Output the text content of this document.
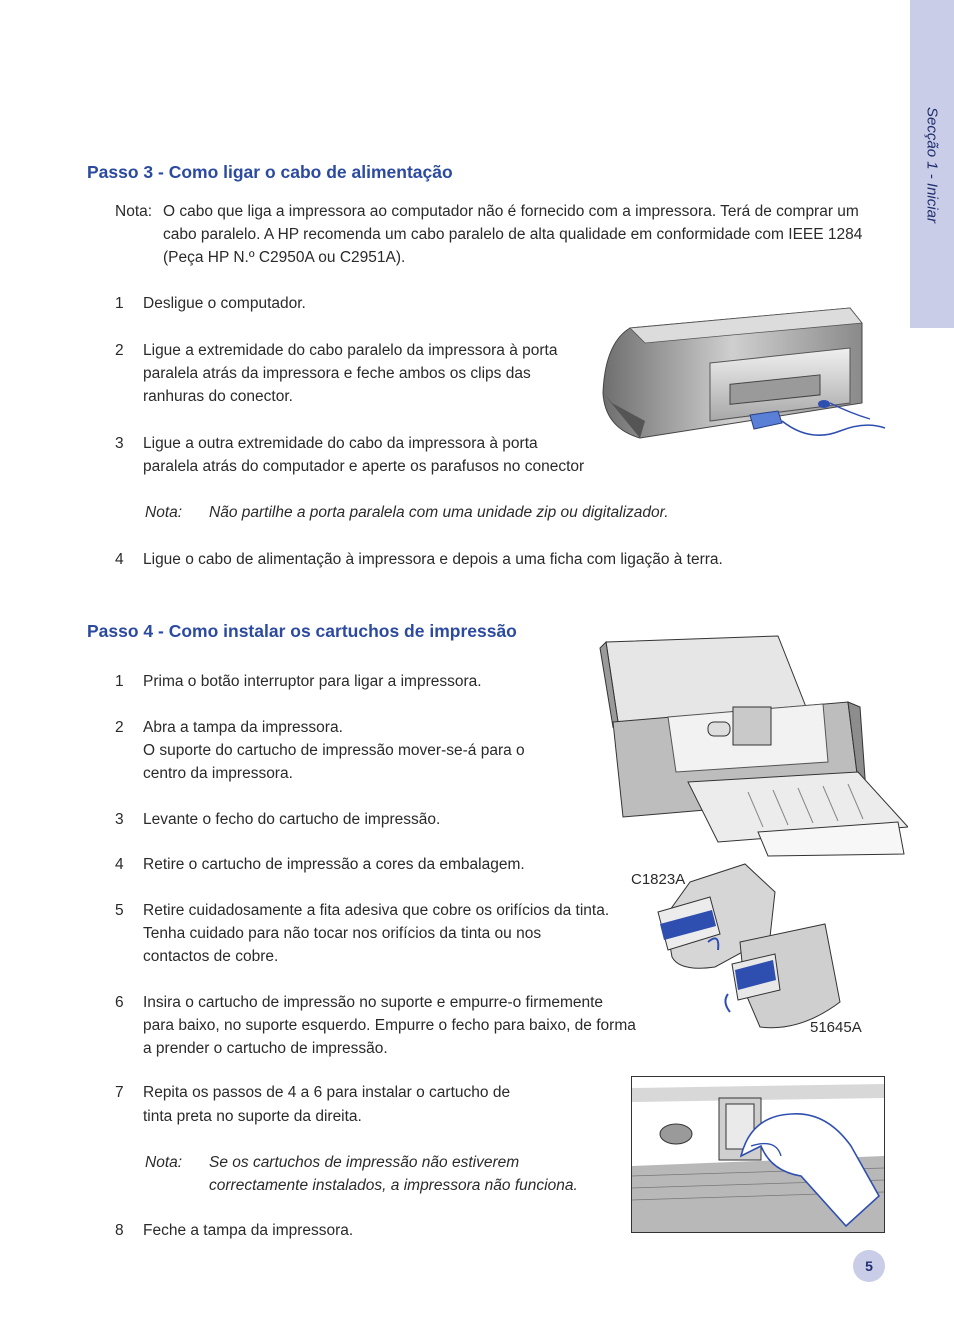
Secção 1 - Iniciar
Passo 3 - Como ligar o cabo de alimentação
Nota: O cabo que liga a impressora ao computador não é fornecido com a impressora. Terá de comprar um
cabo paralelo. A HP recomenda um cabo paralelo de alta qualidade em conformidade com IEEE 1284
(Peça HP N.º C2950A ou C2951A).
1 Desligue o computador.
2 Ligue a extremidade do cabo paralelo da impressora à porta
paralela atrás da impressora e feche ambos os clips das
ranhuras do conector.
3 Ligue a outra extremidade do cabo da impressora à porta
paralela atrás do computador e aperte os parafusos no conector
Nota: Não partilhe a porta paralela com uma unidade zip ou digitalizador.
4 Ligue o cabo de alimentação à impressora e depois a uma ficha com ligação à terra.
Passo 4 - Como instalar os cartuchos de impressão
1 Prima o botão interruptor para ligar a impressora.
2 Abra a tampa da impressora.
O suporte do cartucho de impressão mover-se-á para o
centro da impressora.
3 Levante o fecho do cartucho de impressão.
4 Retire o cartucho de impressão a cores da embalagem.
5 Retire cuidadosamente a fita adesiva que cobre os orifícios da tinta.
Tenha cuidado para não tocar nos orifícios da tinta ou nos
contactos de cobre.
6 Insira o cartucho de impressão no suporte e empurre-o firmemente
para baixo, no suporte esquerdo. Empurre o fecho para baixo, de forma
a prender o cartucho de impressão.
7 Repita os passos de 4 a 6 para instalar o cartucho de
tinta preta no suporte da direita.
Nota: Se os cartuchos de impressão não estiverem
correctamente instalados, a impressora não funciona.
8 Feche a tampa da impressora.
C1823A
51645A
5
